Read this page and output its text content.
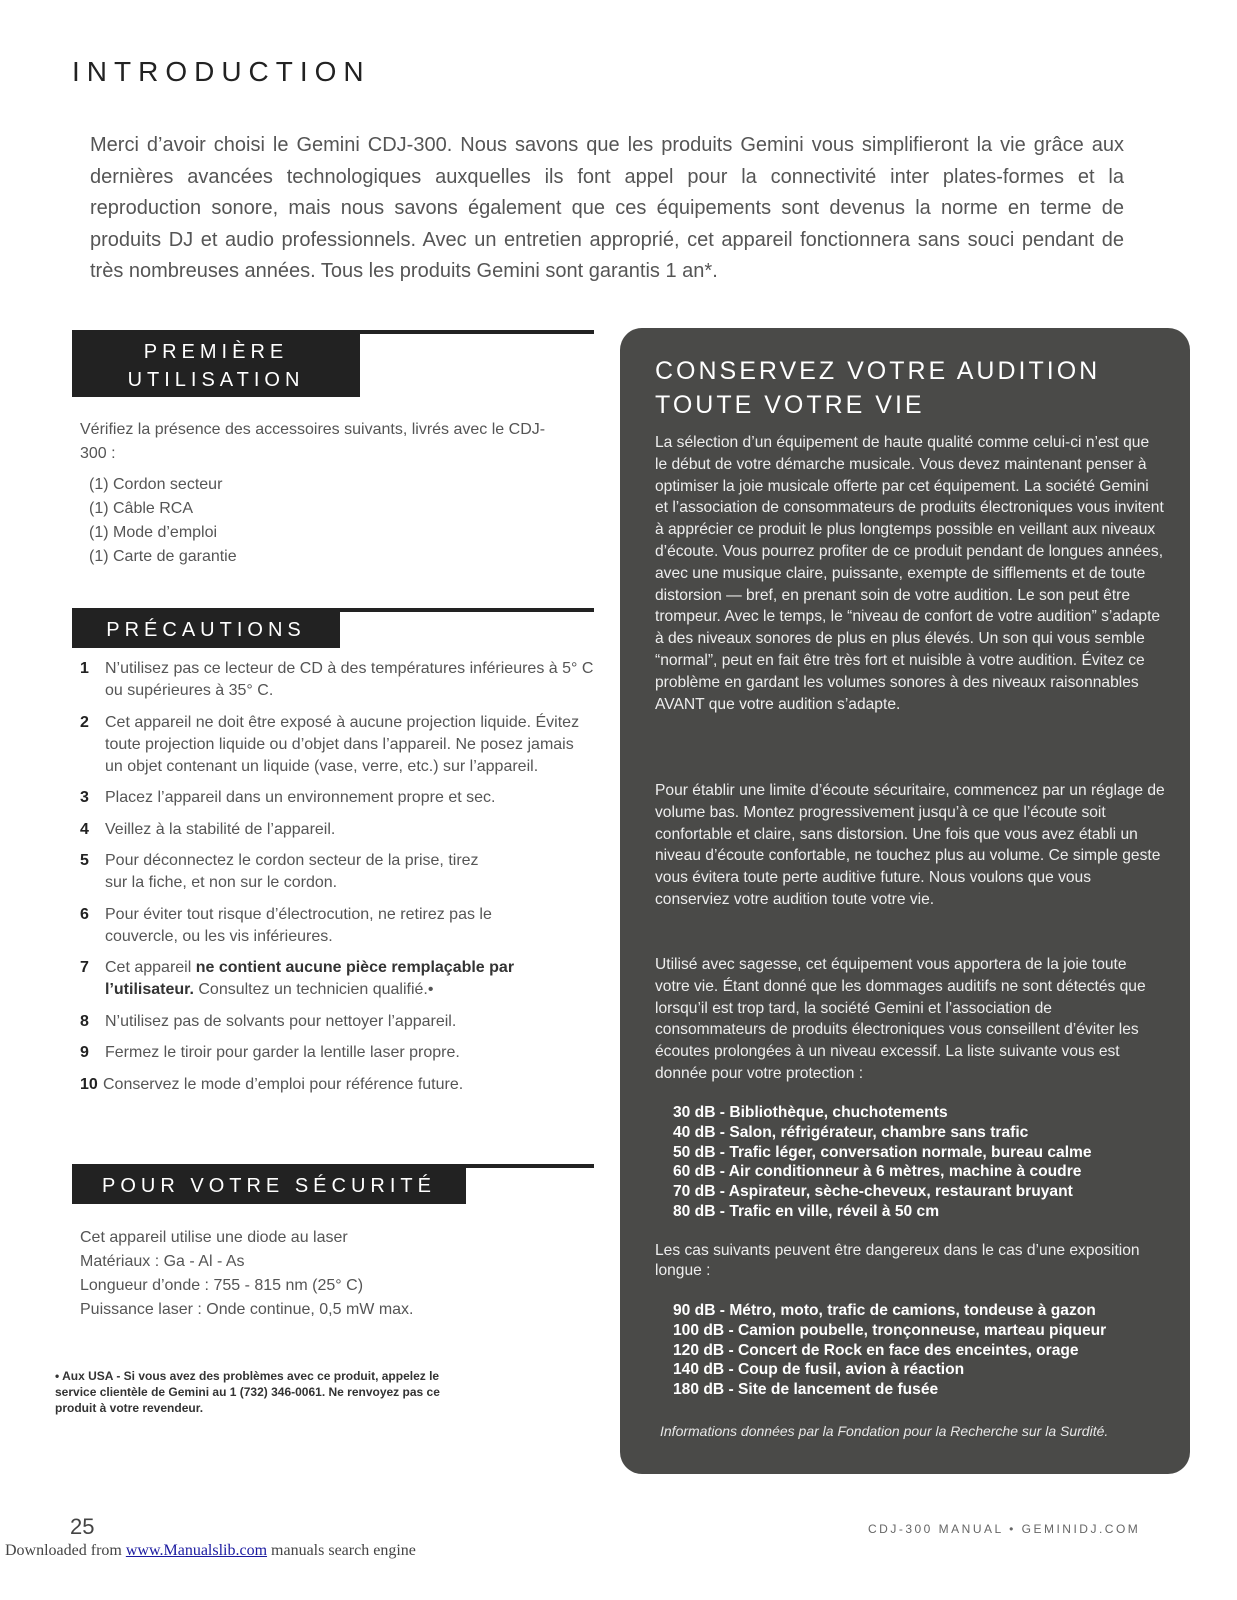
INTRODUCTION

Merci d’avoir choisi le Gemini CDJ-300. Nous savons que les produits Gemini vous simplifieront la vie grâce aux dernières avancées technologiques auxquelles ils font appel pour la connectivité inter plates-formes et la reproduction sonore, mais nous savons également que ces équipements sont devenus la norme en terme de produits DJ et audio professionnels. Avec un entretien approprié, cet appareil fonctionnera sans souci pendant de très nombreuses années. Tous les produits Gemini sont garantis 1 an*.

PREMIÈRE
UTILISATION

Vérifiez la présence des accessoires suivants, livrés avec le CDJ-300 :

(1) Cordon secteur
(1) Câble RCA
(1) Mode d’emploi
(1) Carte de garantie
PRÉCAUTIONS
1	N’utilisez pas ce lecteur de CD à des températures inférieures à 5° C
ou supérieures à 35° C.
2	Cet appareil ne doit être exposé à aucune projection liquide. Évitez toute projection liquide ou d’objet dans l’appareil. Ne posez jamais un objet contenant un liquide (vase, verre, etc.) sur l’appareil.
3	Placez l’appareil dans un environnement propre et sec.
4	Veillez à la stabilité de l’appareil.
5	Pour déconnectez le cordon secteur de la prise, tirez sur la fiche, et non sur le cordon.
6	Pour éviter tout risque d’électrocution, ne retirez pas le couvercle, ou les vis inférieures.
7	Cet appareil ne contient aucune pièce remplaçable par l’utilisateur. Consultez un technicien qualifié.•
8	N’utilisez pas de solvants pour nettoyer l’appareil.
9	Fermez le tiroir pour garder la lentille laser propre.
10 Conservez le mode d’emploi pour référence future.
POUR VOTRE SÉCURITÉ
Cet appareil utilise une diode au laser
Matériaux : Ga - Al - As
Longueur d’onde : 755 - 815 nm (25° C)
Puissance laser : Onde continue, 0,5 mW max.

• Aux USA - Si vous avez des problèmes avec ce produit, appelez le service clientèle de Gemini au 1 (732) 346-0061. Ne renvoyez pas ce produit à votre revendeur.

CONSERVEZ VOTRE AUDITION
TOUTE VOTRE VIE

La sélection d’un équipement de haute qualité comme celui-ci n’est que le début de votre démarche musicale. Vous devez maintenant penser à optimiser la joie musicale offerte par cet équipement. La société Gemini et l’association de consommateurs de produits électroniques vous invitent à apprécier ce produit le plus longtemps possible en veillant aux niveaux d’écoute. Vous pourrez profiter de ce produit pendant de longues années, avec une musique claire, puissante, exempte de sifflements et de toute distorsion — bref, en prenant soin de votre audition. Le son peut être trompeur. Avec le temps, le “niveau de confort de votre audition” s’adapte à des niveaux sonores de plus en plus élevés. Un son qui vous semble “normal”, peut en fait être très fort et nuisible à votre audition. Évitez ce problème en gardant les volumes sonores à des niveaux raisonnables AVANT que votre audition s’adapte.

Pour établir une limite d’écoute sécuritaire, commencez par un réglage de volume bas. Montez progressivement jusqu’à ce que l’écoute soit confortable et claire, sans distorsion. Une fois que vous avez établi un niveau d’écoute confortable, ne touchez plus au volume. Ce simple geste vous évitera toute perte auditive future. Nous voulons que vous conserviez votre audition toute votre vie.

Utilisé avec sagesse, cet équipement vous apportera de la joie toute votre vie. Étant donné que les dommages auditifs ne sont détectés que lorsqu’il est trop tard, la société Gemini et l’association de consommateurs de produits électroniques vous conseillent d’éviter les écoutes prolongées à un niveau excessif. La liste suivante vous est donnée pour votre protection :

30 dB - Bibliothèque, chuchotements
40 dB - Salon, réfrigérateur, chambre sans trafic
50 dB - Trafic léger, conversation normale, bureau calme
60 dB - Air conditionneur à 6 mètres, machine à coudre
70 dB - Aspirateur, sèche-cheveux, restaurant bruyant
80 dB - Trafic en ville, réveil à 50 cm

Les cas suivants peuvent être dangereux dans le cas d’une exposition longue :

90 dB - Métro, moto, trafic de camions, tondeuse à gazon
100 dB - Camion poubelle, tronçonneuse, marteau piqueur
120 dB - Concert de Rock en face des enceintes, orage
140 dB - Coup de fusil, avion à réaction
180 dB - Site de lancement de fusée

Informations données par la Fondation pour la Recherche sur la Surdité.

25	CDJ-300 MANUAL • GEMINIDJ.COM
Downloaded from www.Manualslib.com manuals search engine
